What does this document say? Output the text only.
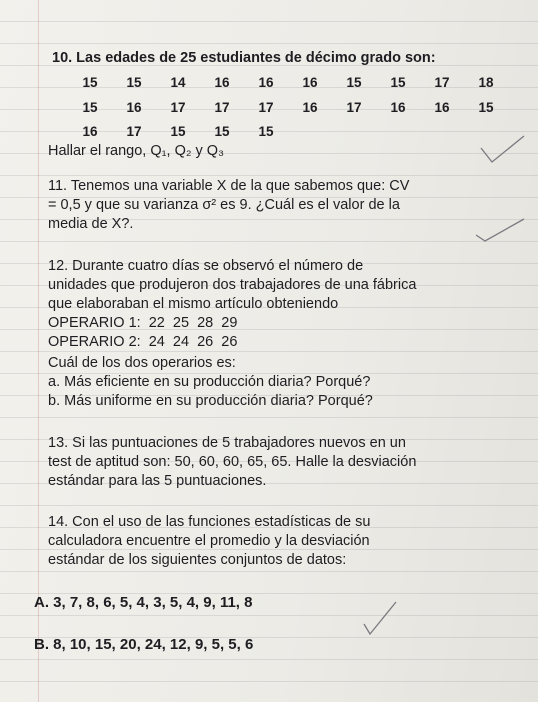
10. Las edades de 25 estudiantes de décimo grado son:
15	15	14	16	16	16	15	15	17	18
15	16	17	17	17	16	17	16	16	15
16	17	15	15	15
Hallar el rango, Q₁, Q₂ y Q₃
11. Tenemos una variable X de la que sabemos que: CV
= 0,5 y que su varianza σ² es 9. ¿Cuál es el valor de la
media de X?.
12. Durante cuatro días se observó el número de
unidades que produjeron dos trabajadores de una fábrica
que elaboraban el mismo artículo obteniendo
OPERARIO 1:  22  25  28  29
OPERARIO 2:  24  24  26  26
Cuál de los dos operarios es:
a. Más eficiente en su producción diaria? Porqué?
b. Más uniforme en su producción diaria? Porqué?
13. Si las puntuaciones de 5 trabajadores nuevos en un
test de aptitud son: 50, 60, 60, 65, 65. Halle la desviación
estándar para las 5 puntuaciones.
14. Con el uso de las funciones estadísticas de su
calculadora encuentre el promedio y la desviación
estándar de los siguientes conjuntos de datos:
A. 3, 7, 8, 6, 5, 4, 3, 5, 4, 9, 11, 8
B. 8, 10, 15, 20, 24, 12, 9, 5, 5, 6
